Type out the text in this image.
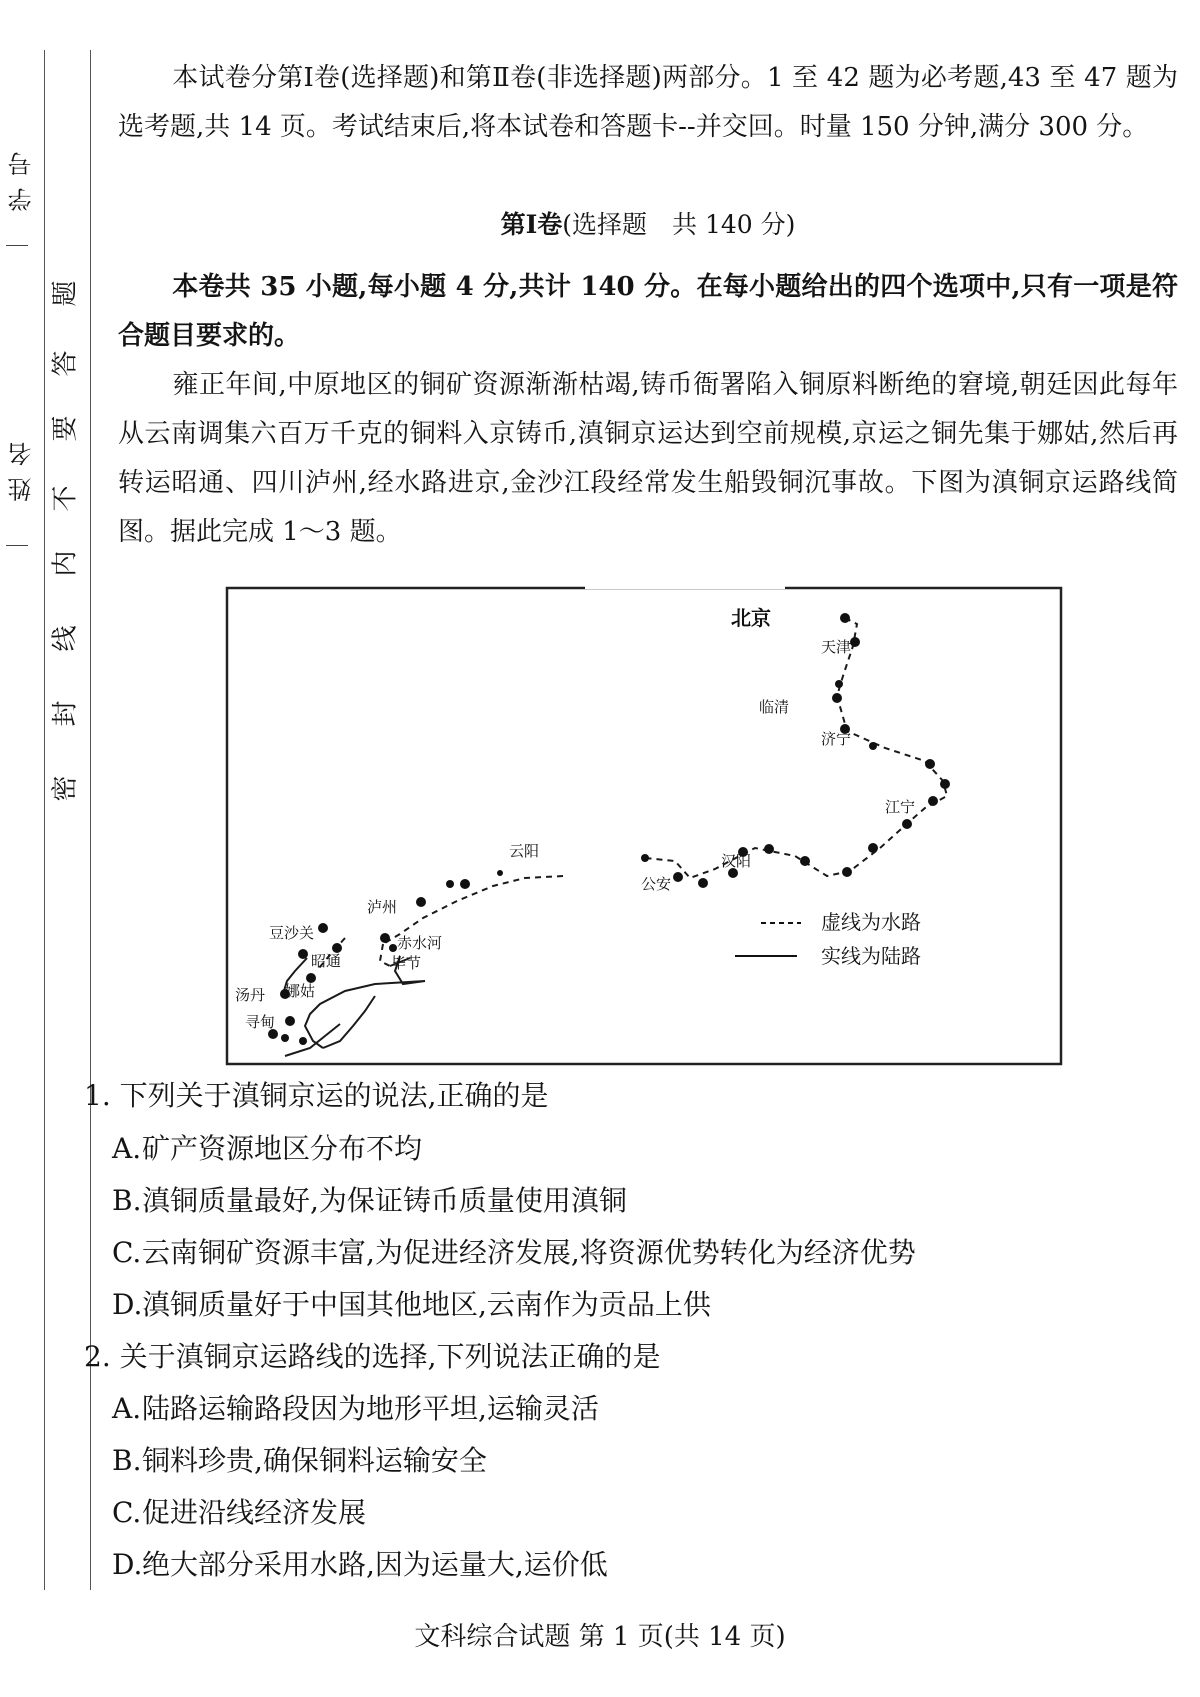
学 号
姓 名
密
封
线
内
不
要
答
题
本试卷分第Ⅰ卷(选择题)和第Ⅱ卷(非选择题)两部分。1 至 42 题为必考题,43 至 47 题为选考题,共 14 页。考试结束后,将本试卷和答题卡--并交回。时量 150 分钟,满分 300 分。
第Ⅰ卷(选择题　共 140 分)
本卷共 35 小题,每小题 4 分,共计 140 分。在每小题给出的四个选项中,只有一项是符合题目要求的。
雍正年间,中原地区的铜矿资源渐渐枯竭,铸币衙署陷入铜原料断绝的窘境,朝廷因此每年从云南调集六百万千克的铜料入京铸币,滇铜京运达到空前规模,京运之铜先集于娜姑,然后再转运昭通、四川泸州,经水路进京,金沙江段经常发生船毁铜沉事故。下图为滇铜京运路线简图。据此完成 1～3 题。
北京
天津
临清
济宁
江宁
汉阳
公安
云阳
泸州
豆沙关
赤水河
昭通	毕节
汤丹 娜姑
寻甸
虚线为水路
实线为陆路
1. 下列关于滇铜京运的说法,正确的是
A.矿产资源地区分布不均
B.滇铜质量最好,为保证铸币质量使用滇铜
C.云南铜矿资源丰富,为促进经济发展,将资源优势转化为经济优势
D.滇铜质量好于中国其他地区,云南作为贡品上供
2. 关于滇铜京运路线的选择,下列说法正确的是
A.陆路运输路段因为地形平坦,运输灵活
B.铜料珍贵,确保铜料运输安全
C.促进沿线经济发展
D.绝大部分采用水路,因为运量大,运价低
文科综合试题 第 1 页(共 14 页)
